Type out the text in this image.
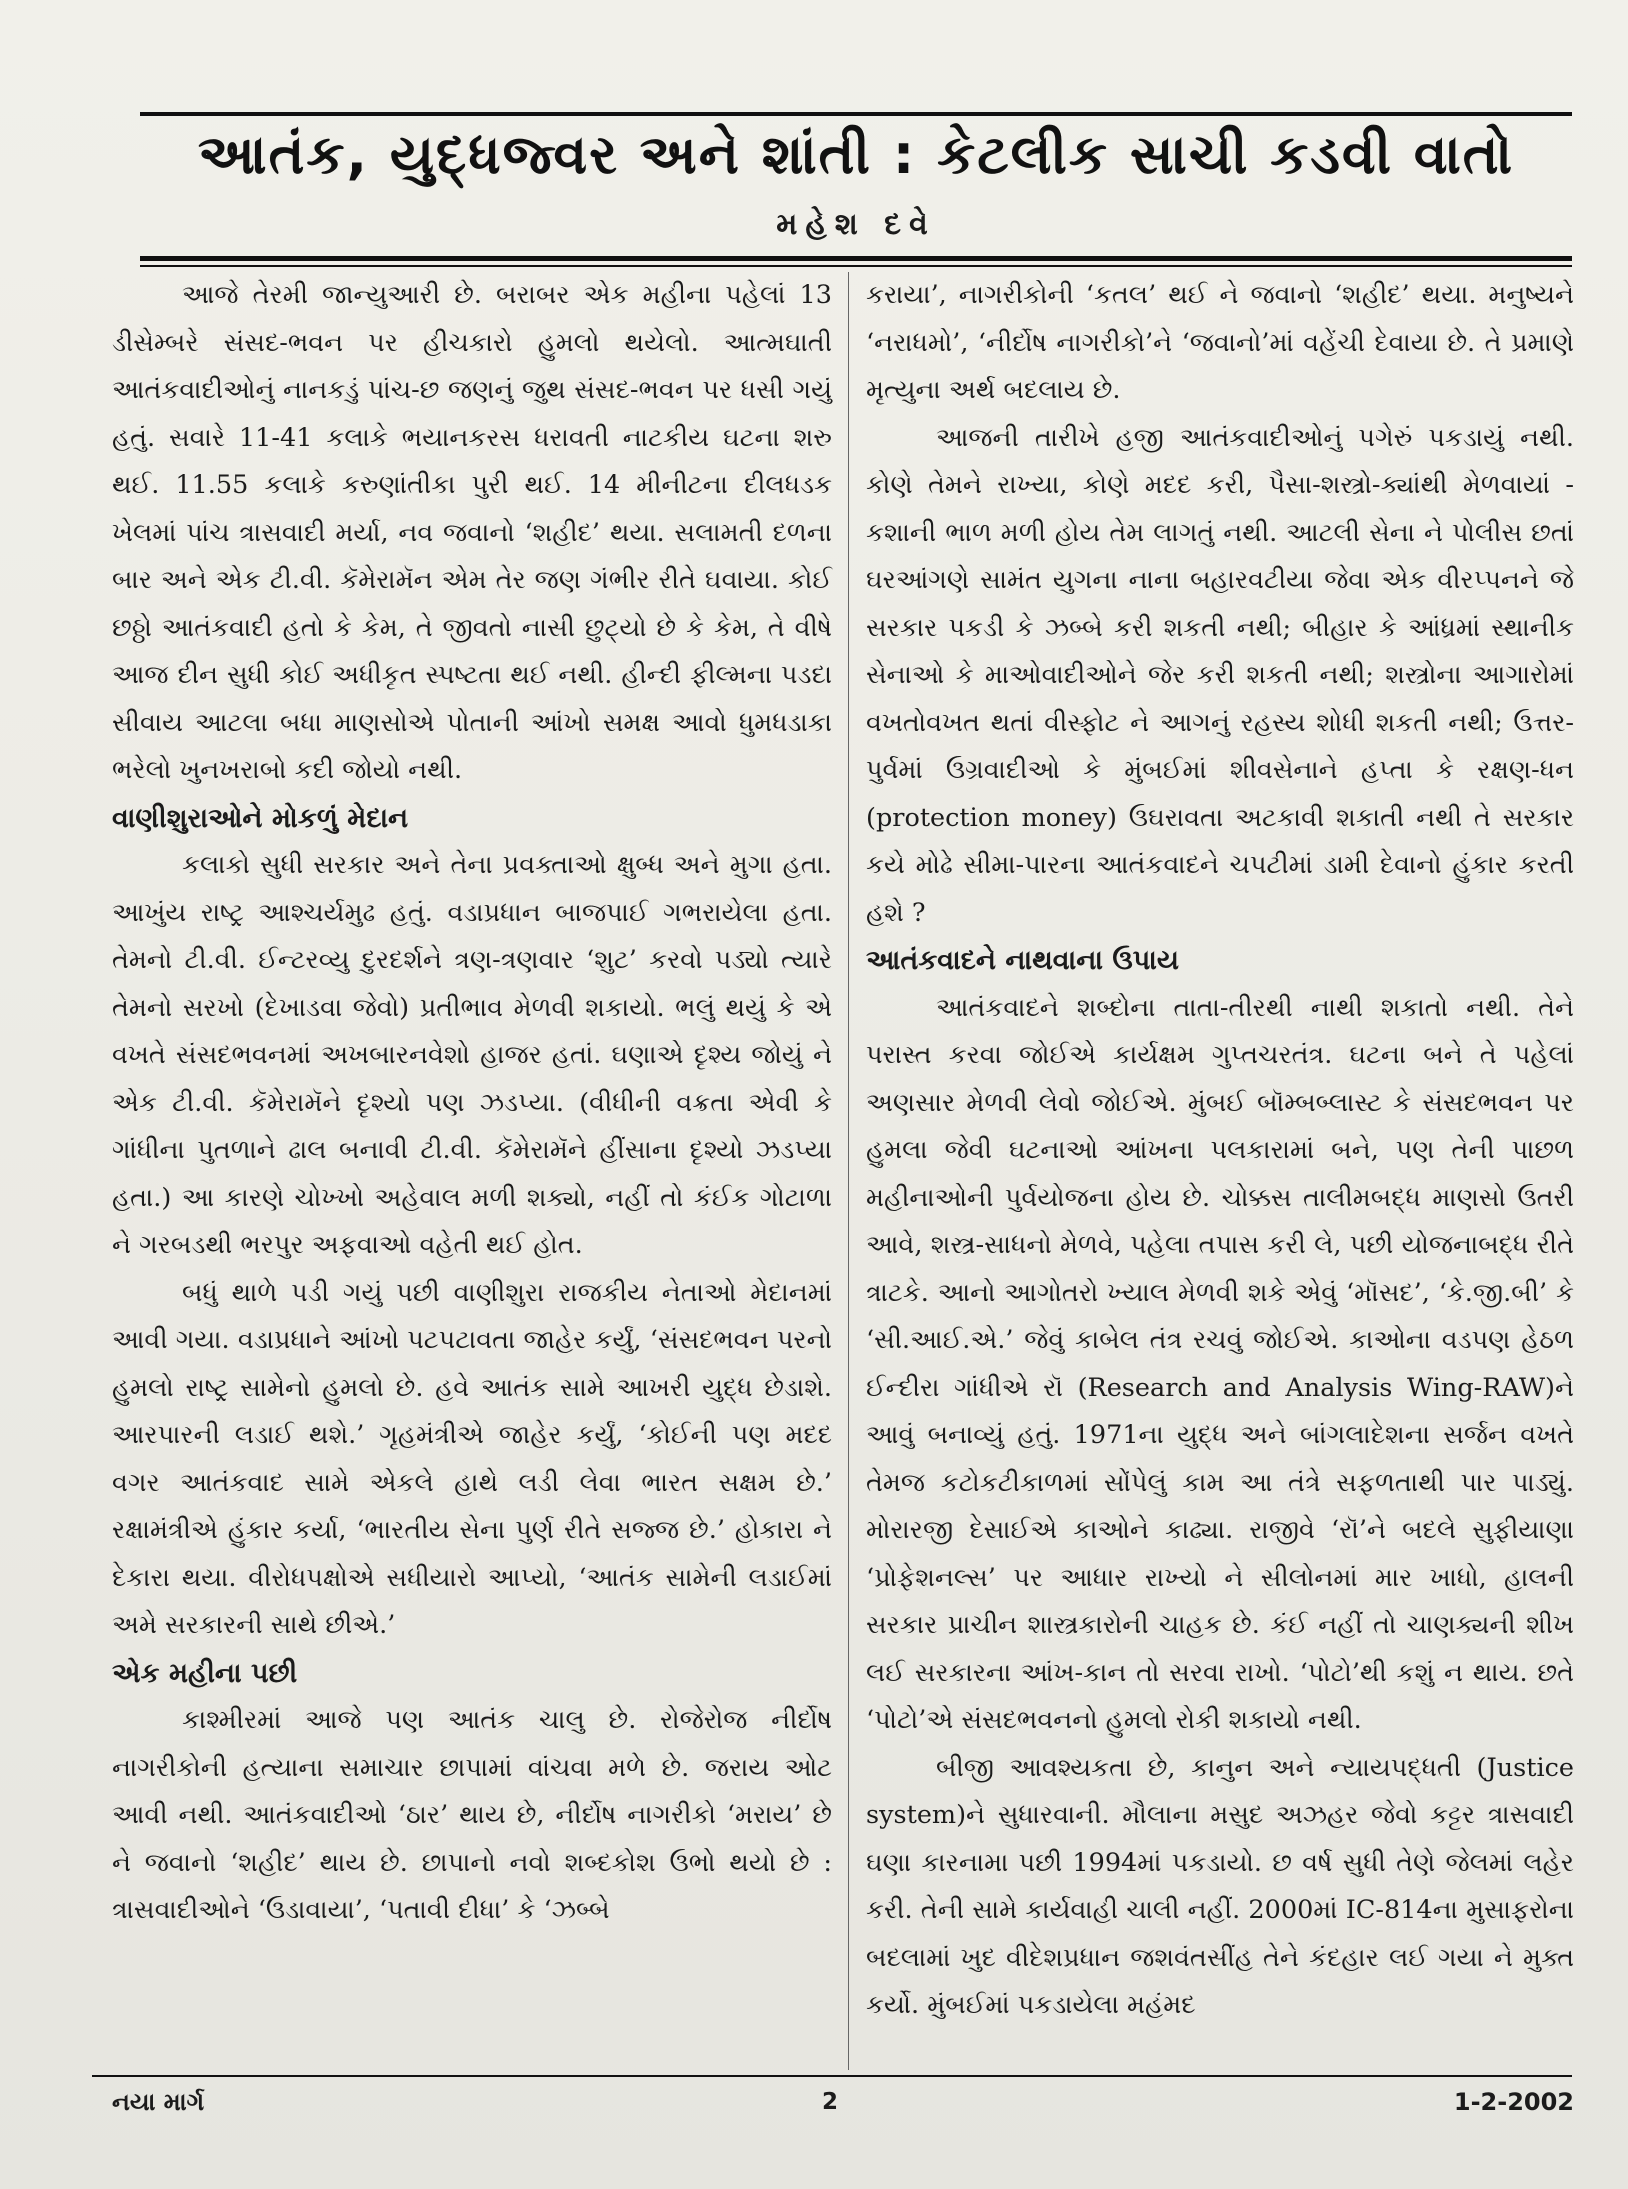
આતંક, યુદ્ધજ્વર અને શાંતી : કેટલીક સાચી કડવી વાતો
મહેશ દવે

આજે તેરમી જાન્યુઆરી છે. બરાબર એક મહીના પહેલાં 13 ડીસેમ્બરે સંસદ-ભવન પર હીચકારો હુમલો થયેલો. આત્મઘાતી આતંકવાદીઓનું નાનકડું પાંચ-છ જણનું જુથ સંસદ-ભવન પર ધસી ગયું હતું. સવારે 11-41 કલાકે ભયાનકરસ ધરાવતી નાટકીય ઘટના શરુ થઈ. 11.55 કલાકે કરુણાંતીકા પુરી થઈ. 14 મીનીટના દીલધડક ખેલમાં પાંચ ત્રાસવાદી મર્યા, નવ જવાનો ‘શહીદ’ થયા. સલામતી દળના બાર અને એક ટી.વી. કૅમેરામૅન એમ તેર જણ ગંભીર રીતે ઘવાયા. કોઈ છઠ્ઠો આતંકવાદી હતો કે કેમ, તે જીવતો નાસી છુટ્યો છે કે કેમ, તે વીષે આજ દીન સુધી કોઈ અધીકૃત સ્પષ્ટતા થઈ નથી. હીન્દી ફીલ્મના પડદા સીવાય આટલા બધા માણસોએ પોતાની આંખો સમક્ષ આવો ધુમધડાકા ભરેલો ખુનખરાબો કદી જોયો નથી.

વાણીશુરાઓને મોકળું મેદાન

કલાકો સુધી સરકાર અને તેના પ્રવક્તાઓ ક્ષુબ્ધ અને મુગા હતા. આખુંય રાષ્ટ્ર આશ્ચર્યમુઢ હતું. વડાપ્રધાન બાજપાઈ ગભરાયેલા હતા. તેમનો ટી.વી. ઈન્ટરવ્યુ દુરદર્શને ત્રણ-ત્રણવાર ‘શુટ’ કરવો પડ્યો ત્યારે તેમનો સરખો (દેખાડવા જેવો) પ્રતીભાવ મેળવી શકાયો. ભલું થયું કે એ વખતે સંસદભવનમાં અખબારનવેશો હાજર હતાં. ઘણાએ દૃશ્ય જોયું ને એક ટી.વી. કૅમેરામૅને દૃશ્યો પણ ઝડપ્યા. (વીધીની વક્રતા એવી કે ગાંધીના પુતળાને ઢાલ બનાવી ટી.વી. કૅમેરામૅને હીંસાના દૃશ્યો ઝડપ્યા હતા.) આ કારણે ચોખ્ખો અહેવાલ મળી શક્યો, નહીં તો કંઈક ગોટાળા ને ગરબડથી ભરપુર અફવાઓ વહેતી થઈ હોત.

બધું થાળે પડી ગયું પછી વાણીશુરા રાજકીય નેતાઓ મેદાનમાં આવી ગયા. વડાપ્રધાને આંખો પટપટાવતા જાહેર કર્યું, ‘સંસદભવન પરનો હુમલો રાષ્ટ્ર સામેનો હુમલો છે. હવે આતંક સામે આખરી યુદ્ધ છેડાશે. આરપારની લડાઈ થશે.’ ગૃહમંત્રીએ જાહેર કર્યું, ‘કોઈની પણ મદદ વગર આતંકવાદ સામે એકલે હાથે લડી લેવા ભારત સક્ષમ છે.’ રક્ષામંત્રીએ હુંકાર કર્યા, ‘ભારતીય સેના પુર્ણ રીતે સજ્જ છે.’ હોકારા ને દેકારા થયા. વીરોધપક્ષોએ સધીયારો આપ્યો, ‘આતંક સામેની લડાઈમાં અમે સરકારની સાથે છીએ.’

એક મહીના પછી

કાશ્મીરમાં આજે પણ આતંક ચાલુ છે. રોજેરોજ નીર્દોષ નાગરીકોની હત્યાના સમાચાર છાપામાં વાંચવા મળે છે. જરાય ઓટ આવી નથી. આતંકવાદીઓ ‘ઠાર’ થાય છે, નીર્દોષ નાગરીકો ‘મરાય’ છે ને જવાનો ‘શહીદ’ થાય છે. છાપાનો નવો શબ્દકોશ ઉભો થયો છે : ત્રાસવાદીઓને ‘ઉડાવાયા’, ‘પતાવી દીધા’ કે ‘ઝબ્બે

કરાયા’, નાગરીકોની ‘કતલ’ થઈ ને જવાનો ‘શહીદ’ થયા. મનુષ્યને ‘નરાધમો’, ‘નીર્દોષ નાગરીકો’ને ‘જવાનો’માં વહેંચી દેવાયા છે. તે પ્રમાણે મૃત્યુના અર્થ બદલાય છે.

આજની તારીખે હજી આતંકવાદીઓનું પગેરું પકડાયું નથી. કોણે તેમને રાખ્યા, કોણે મદદ કરી, પૈસા-શસ્ત્રો-ક્યાંથી મેળવાયાં - કશાની ભાળ મળી હોય તેમ લાગતું નથી. આટલી સેના ને પોલીસ છતાં ઘરઆંગણે સામંત યુગના નાના બહારવટીયા જેવા એક વીરપ્પનને જે સરકાર પકડી કે ઝબ્બે કરી શકતી નથી; બીહાર કે આંધ્રમાં સ્થાનીક સેનાઓ કે માઓવાદીઓને જેર કરી શકતી નથી; શસ્ત્રોના આગારોમાં વખતોવખત થતાં વીસ્ફોટ ને આગનું રહસ્ય શોધી શકતી નથી; ઉત્તર-પુર્વમાં ઉગ્રવાદીઓ કે મુંબઈમાં શીવસેનાને હપ્તા કે રક્ષણ-ધન (protection money) ઉઘરાવતા અટકાવી શકાતી નથી તે સરકાર કયે મોઢે સીમા-પારના આતંકવાદને ચપટીમાં ડામી દેવાનો હુંકાર કરતી હશે ?

આતંકવાદને નાથવાના ઉપાય

આતંકવાદને શબ્દોના તાતા-તીરથી નાથી શકાતો નથી. તેને પરાસ્ત કરવા જોઈએ કાર્યક્ષમ ગુપ્તચરતંત્ર. ઘટના બને તે પહેલાં અણસાર મેળવી લેવો જોઈએ. મુંબઈ બૉમ્બબ્લાસ્ટ કે સંસદભવન પર હુમલા જેવી ઘટનાઓ આંખના પલકારામાં બને, પણ તેની પાછળ મહીનાઓની પુર્વયોજના હોય છે. ચોક્કસ તાલીમબદ્ધ માણસો ઉતરી આવે, શસ્ત્ર-સાધનો મેળવે, પહેલા તપાસ કરી લે, પછી યોજનાબદ્ધ રીતે ત્રાટકે. આનો આગોતરો ખ્યાલ મેળવી શકે એવું ‘મૉસદ’, ‘કે.જી.બી’ કે ‘સી.આઈ.એ.’ જેવું કાબેલ તંત્ર રચવું જોઈએ. કાઓના વડપણ હેઠળ ઈન્દીરા ગાંધીએ રૉ (Research and Analysis Wing-RAW)ને આવું બનાવ્યું હતું. 1971ના યુદ્ધ અને બાંગલાદેશના સર્જન વખતે તેમજ કટોકટીકાળમાં સોંપેલું કામ આ તંત્રે સફળતાથી પાર પાડ્યું. મોરારજી દેસાઈએ કાઓને કાઢ્યા. રાજીવે ‘રૉ’ને બદલે સુફીયાણા ‘પ્રોફેશનલ્સ’ પર આધાર રાખ્યો ને સીલોનમાં માર ખાધો, હાલની સરકાર પ્રાચીન શાસ્ત્રકારોની ચાહક છે. કંઈ નહીં તો ચાણક્યની શીખ લઈ સરકારના આંખ-કાન તો સરવા રાખો. ‘પોટો’થી કશું ન થાય. છતે ‘પોટો’એ સંસદભવનનો હુમલો રોકી શકાયો નથી.

બીજી આવશ્યકતા છે, કાનુન અને ન્યાયપદ્ધતી (Justice system)ને સુધારવાની. મૌલાના મસુદ અઝહર જેવો કટ્ટર ત્રાસવાદી ઘણા કારનામા પછી 1994માં પકડાયો. છ વર્ષ સુધી તેણે જેલમાં લહેર કરી. તેની સામે કાર્યવાહી ચાલી નહીં. 2000માં IC-814ના મુસાફરોના બદલામાં ખુદ વીદેશપ્રધાન જશવંતસીંહ તેને કંદહાર લઈ ગયા ને મુક્ત કર્યો. મુંબઈમાં પકડાયેલા મહંમદ

નયા માર્ગ	2	1-2-2002
